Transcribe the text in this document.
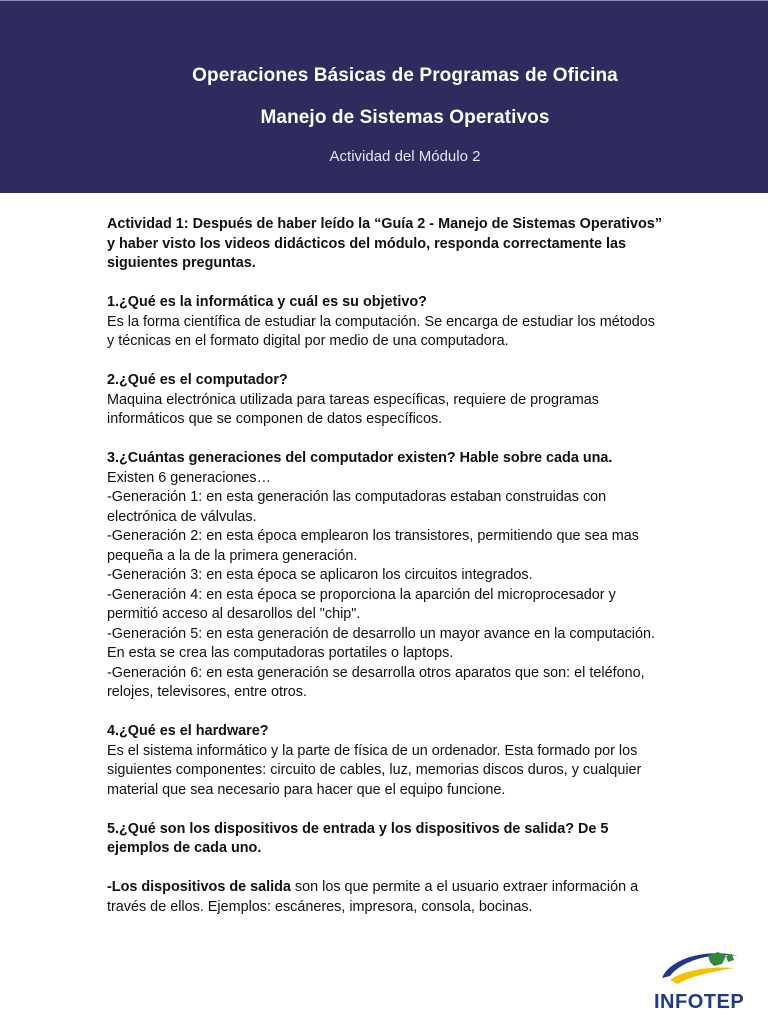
Operaciones Básicas de Programas de Oficina
Manejo de Sistemas Operativos
Actividad del Módulo 2

Actividad 1: Después de haber leído la “Guía 2 - Manejo de Sistemas Operativos” y haber visto los videos didácticos del módulo, responda correctamente las siguientes preguntas.

1.¿Qué es la informática y cuál es su objetivo?

Es la forma científica de estudiar la computación. Se encarga de estudiar los métodos y técnicas en el formato digital por medio de una computadora.

2.¿Qué es el computador?

Maquina electrónica utilizada para tareas específicas, requiere de programas informáticos que se componen de datos específicos.

3.¿Cuántas generaciones del computador existen? Hable sobre cada una.

Existen 6 generaciones…

-Generación 1: en esta generación las computadoras estaban construidas con electrónica de válvulas.

-Generación 2: en esta época emplearon los transistores, permitiendo que sea mas pequeña a la de la primera generación.

-Generación 3: en esta época se aplicaron los circuitos integrados.

-Generación 4: en esta época se proporciona la aparción del microprocesador y permitió acceso al desarollos del "chip".

-Generación 5: en esta generación de desarrollo un mayor avance en la computación. En esta se crea las computadoras portatiles o laptops.

-Generación 6: en esta generación se desarrolla otros aparatos que son: el teléfono, relojes, televisores, entre otros.

4.¿Qué es el hardware?

Es el sistema informático y la parte de física de un ordenador. Esta formado por los siguientes componentes: circuito de cables, luz, memorias discos duros, y cualquier material que sea necesario para hacer que el equipo funcione.

5.¿Qué son los dispositivos de entrada y los dispositivos de salida? De 5 ejemplos de cada uno.

-Los dispositivos de salida son los que permite a el usuario extraer información a través de ellos. Ejemplos: escáneres, impresora, consola, bocinas.

INFOTEP
